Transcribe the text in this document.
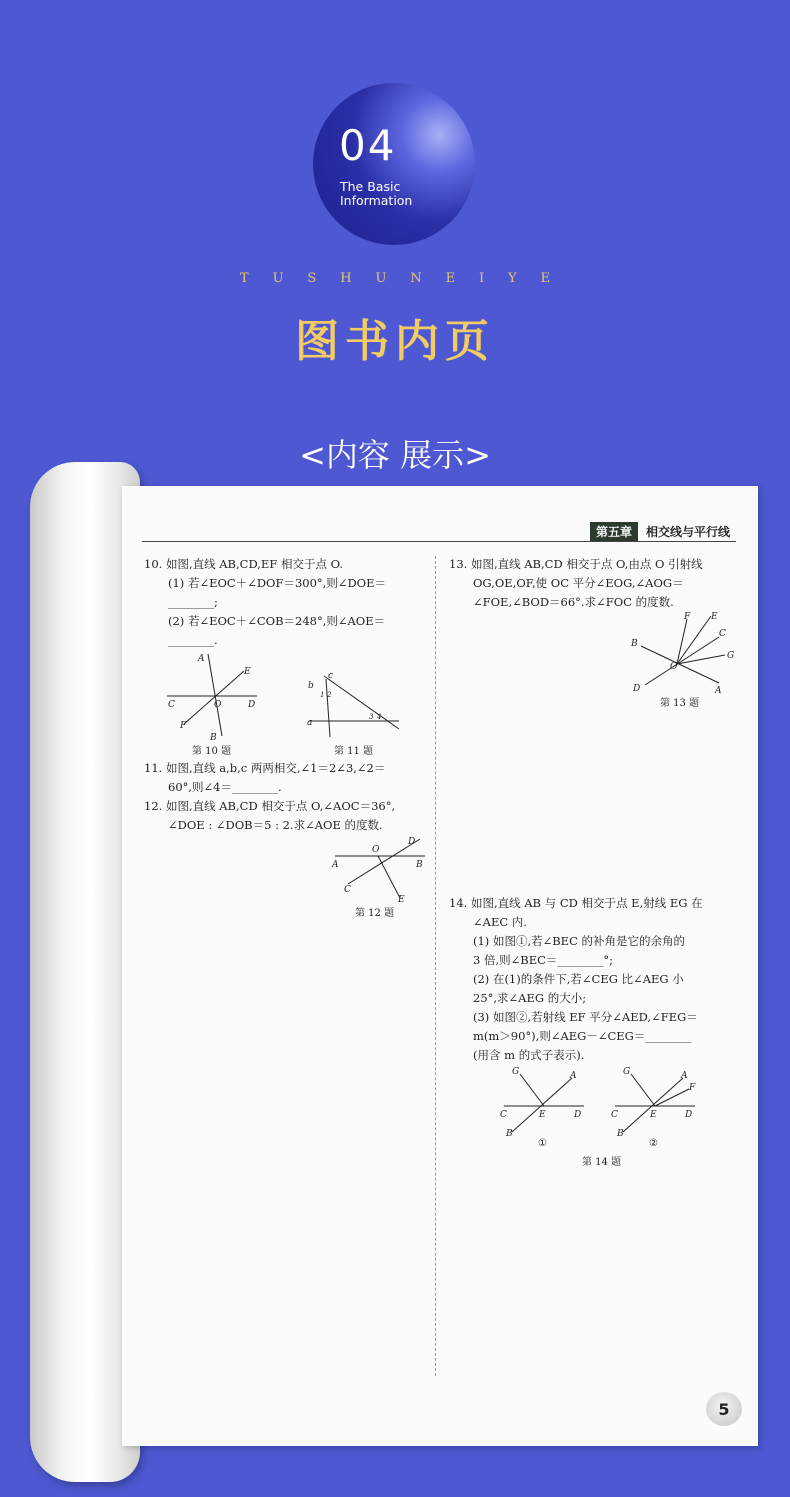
04
The Basic
Information
T U S H U N E I Y E
图书内页
<内容 展示>
第五章	相交线与平行线
10. 如图,直线 AB,CD,EF 相交于点 O.
(1) 若∠EOC＋∠DOF＝300°,则∠DOE＝
________;
(2) 若∠EOC＋∠COB＝248°,则∠AOE＝
________.
A
E
C	O	D
F
B
第 10 题
b
c
a
1 2
3 4
第 11 题
11. 如图,直线 a,b,c 两两相交,∠1＝2∠3,∠2＝
60°,则∠4＝________.
12. 如图,直线 AB,CD 相交于点 O,∠AOC＝36°,
∠DOE : ∠DOB＝5 : 2.求∠AOE 的度数.
A
O
D
B
C
E
第 12 题
13. 如图,直线 AB,CD 相交于点 O,由点 O 引射线
OG,OE,OF,使 OC 平分∠EOG,∠AOG＝
∠FOE,∠BOD＝66°.求∠FOC 的度数.
F E
C
B
G
O
D	A
第 13 题
14. 如图,直线 AB 与 CD 相交于点 E,射线 EG 在
∠AEC 内.
(1) 如图①,若∠BEC 的补角是它的余角的
3 倍,则∠BEC＝________°;
(2) 在(1)的条件下,若∠CEG 比∠AEG 小
25°,求∠AEG 的大小;
(3) 如图②,若射线 EF 平分∠AED,∠FEG＝
m(m＞90°),则∠AEG－∠CEG＝________
(用含 m 的式子表示).
G	A
C	E	D
B
①
G	A
F
C	E	D
B
②
第 14 题
5
